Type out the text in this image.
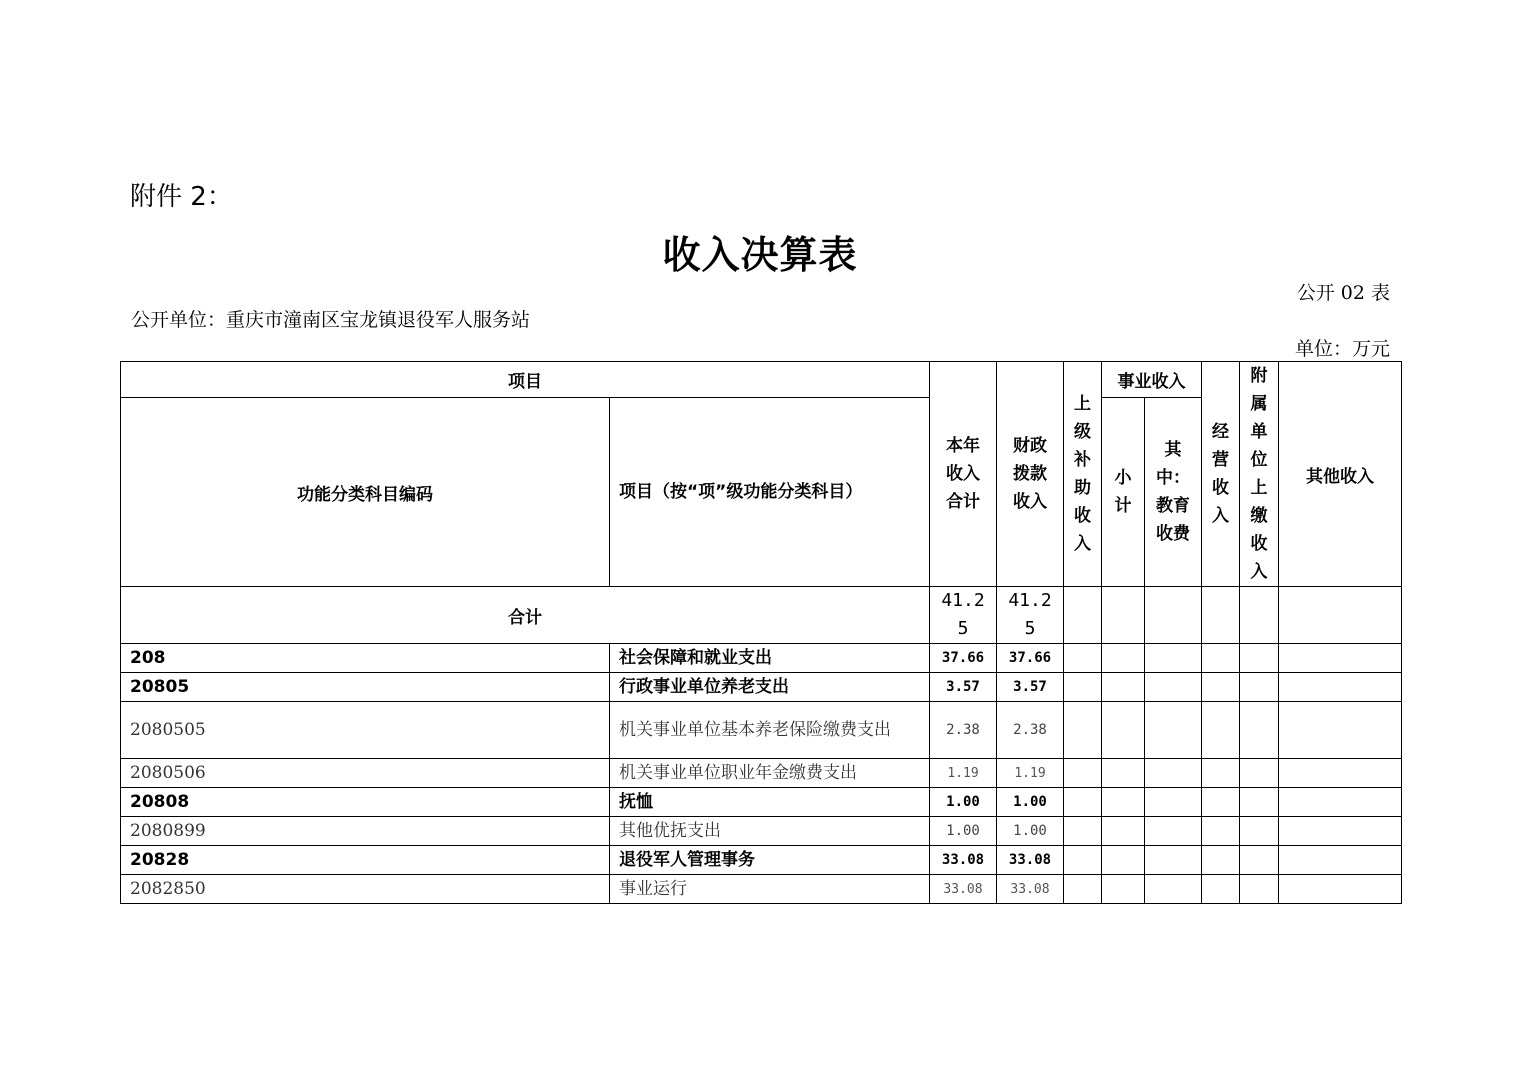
附件 2：
收入决算表
公开 02 表
公开单位：重庆市潼南区宝龙镇退役军人服务站
单位：万元
项目		本年收入合计	财政拨款收入	上级补助收入	事业收入		经营收入	附属单位上缴收入	其他收入
功能分类科目编码	项目（按“项”级功能分类科目）				小计	其中：教育收费			

合计		41.25	41.25						

208	社会保障和就业支出	37.66	37.66						
20805	行政事业单位养老支出	3.57	3.57						
2080505	机关事业单位基本养老保险缴费支出	2.38	2.38						
2080506	机关事业单位职业年金缴费支出	1.19	1.19						
20808	抚恤	1.00	1.00						
2080899	其他优抚支出	1.00	1.00						
20828	退役军人管理事务	33.08	33.08						
2082850	事业运行	33.08	33.08						
